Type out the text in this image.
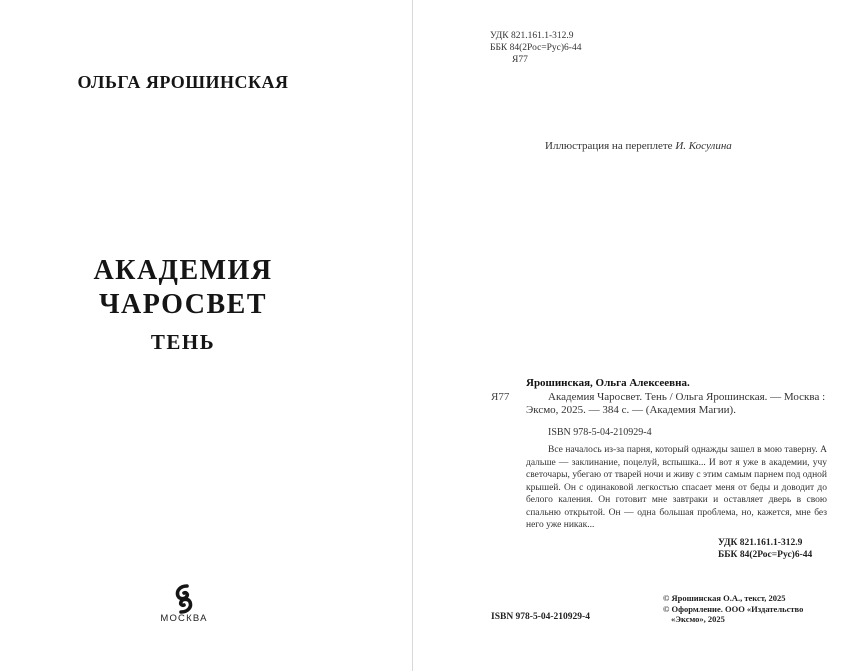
ОЛЬГА ЯРОШИНСКАЯ
АКАДЕМИЯ
ЧАРОСВЕТ
ТЕНЬ
МОСКВА
УДК 821.161.1-312.9
ББК 84(2Рос=Рус)6-44
Я77
Иллюстрация на переплете И. Косулина
Я77
Ярошинская, Ольга Алексеевна.
Академия Чаросвет. Тень / Ольга Ярошинская. — Москва : Эксмо, 2025. — 384 с. — (Академия Магии).
ISBN 978-5-04-210929-4

Все началось из-за парня, который однажды зашел в мою таверну. А дальше — заклинание, поцелуй, вспышка... И вот я уже в академии, учу светочары, убегаю от тварей ночи и живу с этим самым парнем под одной крышей. Он с одинаковой легкостью спасает меня от беды и доводит до белого каления. Он готовит мне завтраки и оставляет дверь в свою спальню открытой. Он — одна большая проблема, но, кажется, мне без него уже никак...

УДК 821.161.1-312.9
ББК 84(2Рос=Рус)6-44
ISBN 978-5-04-210929-4
© Ярошинская О.А., текст, 2025
© Оформление. ООО «Издательство
«Эксмо», 2025
